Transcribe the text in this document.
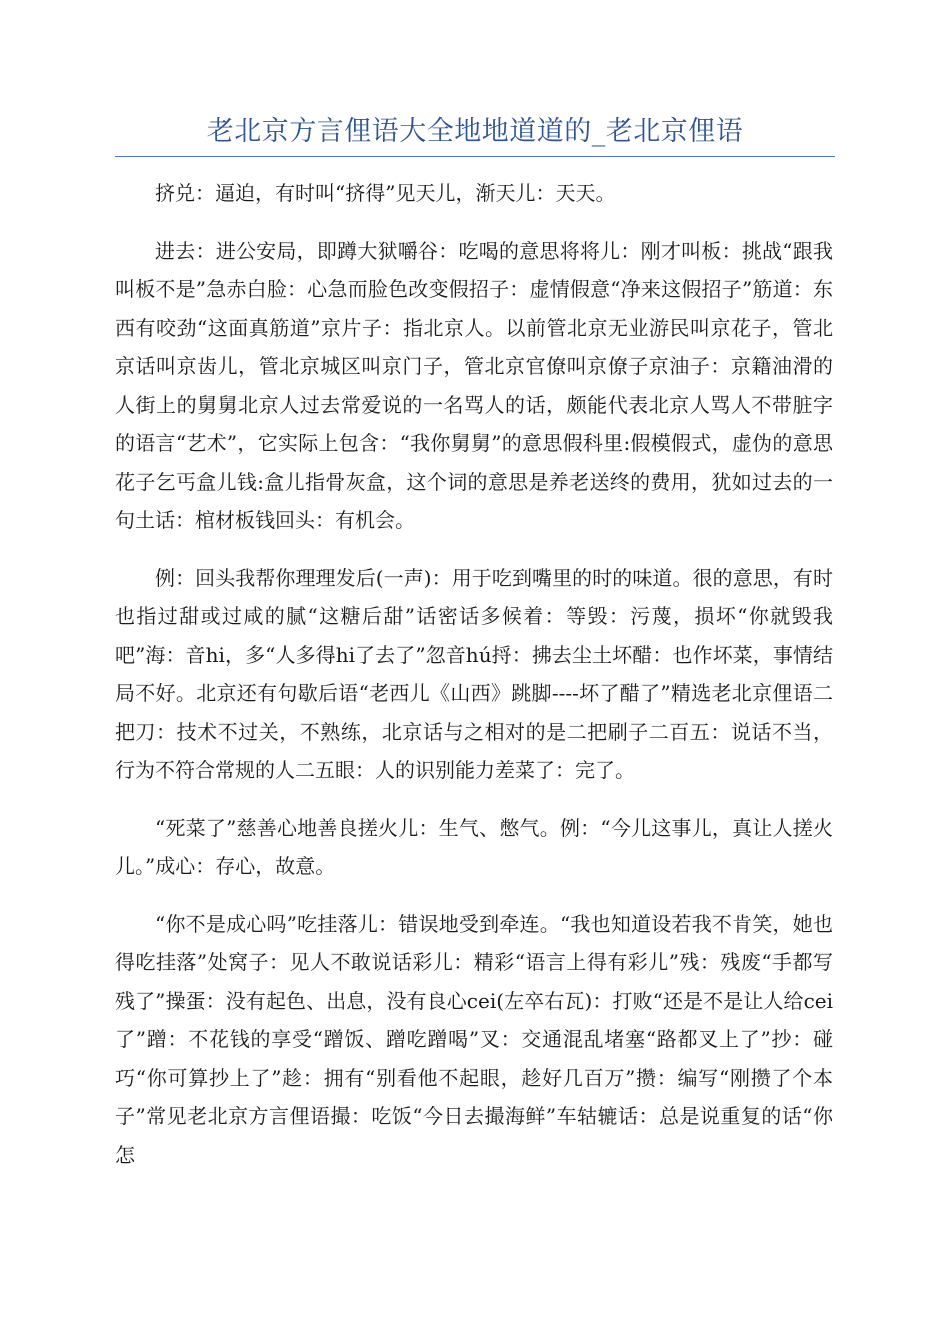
老北京方言俚语大全地地道道的_老北京俚语

挤兑：逼迫，有时叫“挤得”见天儿，渐天儿：天天。

进去：进公安局，即蹲大狱嚼谷：吃喝的意思将将儿：刚才叫板：挑战“跟我叫板不是”急赤白脸：心急而脸色改变假招子：虚情假意“净来这假招子”筋道：东西有咬劲“这面真筋道”京片子：指北京人。以前管北京无业游民叫京花子，管北京话叫京齿儿，管北京城区叫京门子，管北京官僚叫京僚子京油子：京籍油滑的人街上的舅舅北京人过去常爱说的一名骂人的话，颇能代表北京人骂人不带脏字的语言“艺术”，它实际上包含：“我你舅舅”的意思假科里:假模假式，虚伪的意思花子乞丐盒儿钱:盒儿指骨灰盒，这个词的意思是养老送终的费用，犹如过去的一句土话：棺材板钱回头：有机会。

例：回头我帮你理理发后(一声)：用于吃到嘴里的时的味道。很的意思，有时也指过甜或过咸的腻“这糖后甜”话密话多候着：等毁：污蔑，损坏“你就毁我吧”海：音hi，多“人多得hi了去了”忽音hú捋：拂去尘土坏醋：也作坏菜，事情结局不好。北京还有句歇后语“老西儿《山西》跳脚----坏了醋了”精选老北京俚语二把刀：技术不过关，不熟练，北京话与之相对的是二把刷子二百五：说话不当，行为不符合常规的人二五眼：人的识别能力差菜了：完了。

“死菜了”慈善心地善良搓火儿：生气、憋气。例：“今儿这事儿，真让人搓火儿。”成心：存心，故意。

“你不是成心吗”吃挂落儿：错误地受到牵连。“我也知道设若我不肯笑，她也得吃挂落”处窝子：见人不敢说话彩儿：精彩“语言上得有彩儿”残：残废“手都写残了”操蛋：没有起色、出息，没有良心cei(左卒右瓦)：打败“还是不是让人给cei了”蹭：不花钱的享受“蹭饭、蹭吃蹭喝”叉：交通混乱堵塞“路都叉上了”抄：碰巧“你可算抄上了”趁：拥有“别看他不起眼，趁好几百万”攒：编写“刚攒了个本子”常见老北京方言俚语撮：吃饭“今日去撮海鲜”车轱辘话：总是说重复的话“你怎
